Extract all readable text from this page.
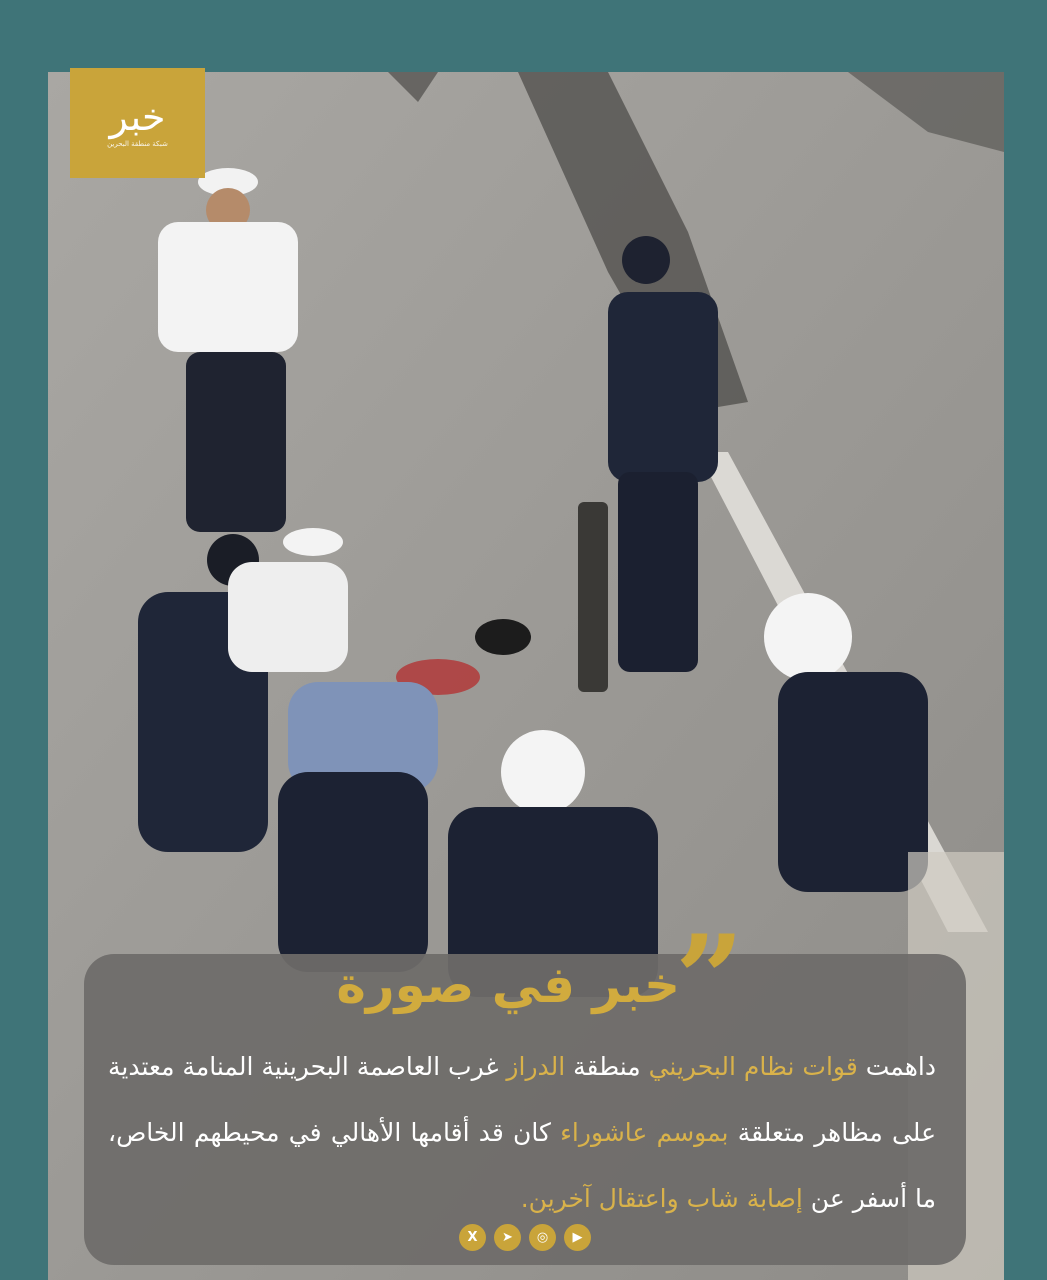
خبر
شبكة منطقة البحرين
”
خبر في صورة

داهمت قوات نظام البحريني منطقة الدراز غرب العاصمة البحرينية المنامة معتدية على مظاهر متعلقة بموسم عاشوراء كان قد أقامها الأهالي في محيطهم الخاص، ما أسفر عن إصابة شاب واعتقال آخرين.

X	➤	◎	▶
